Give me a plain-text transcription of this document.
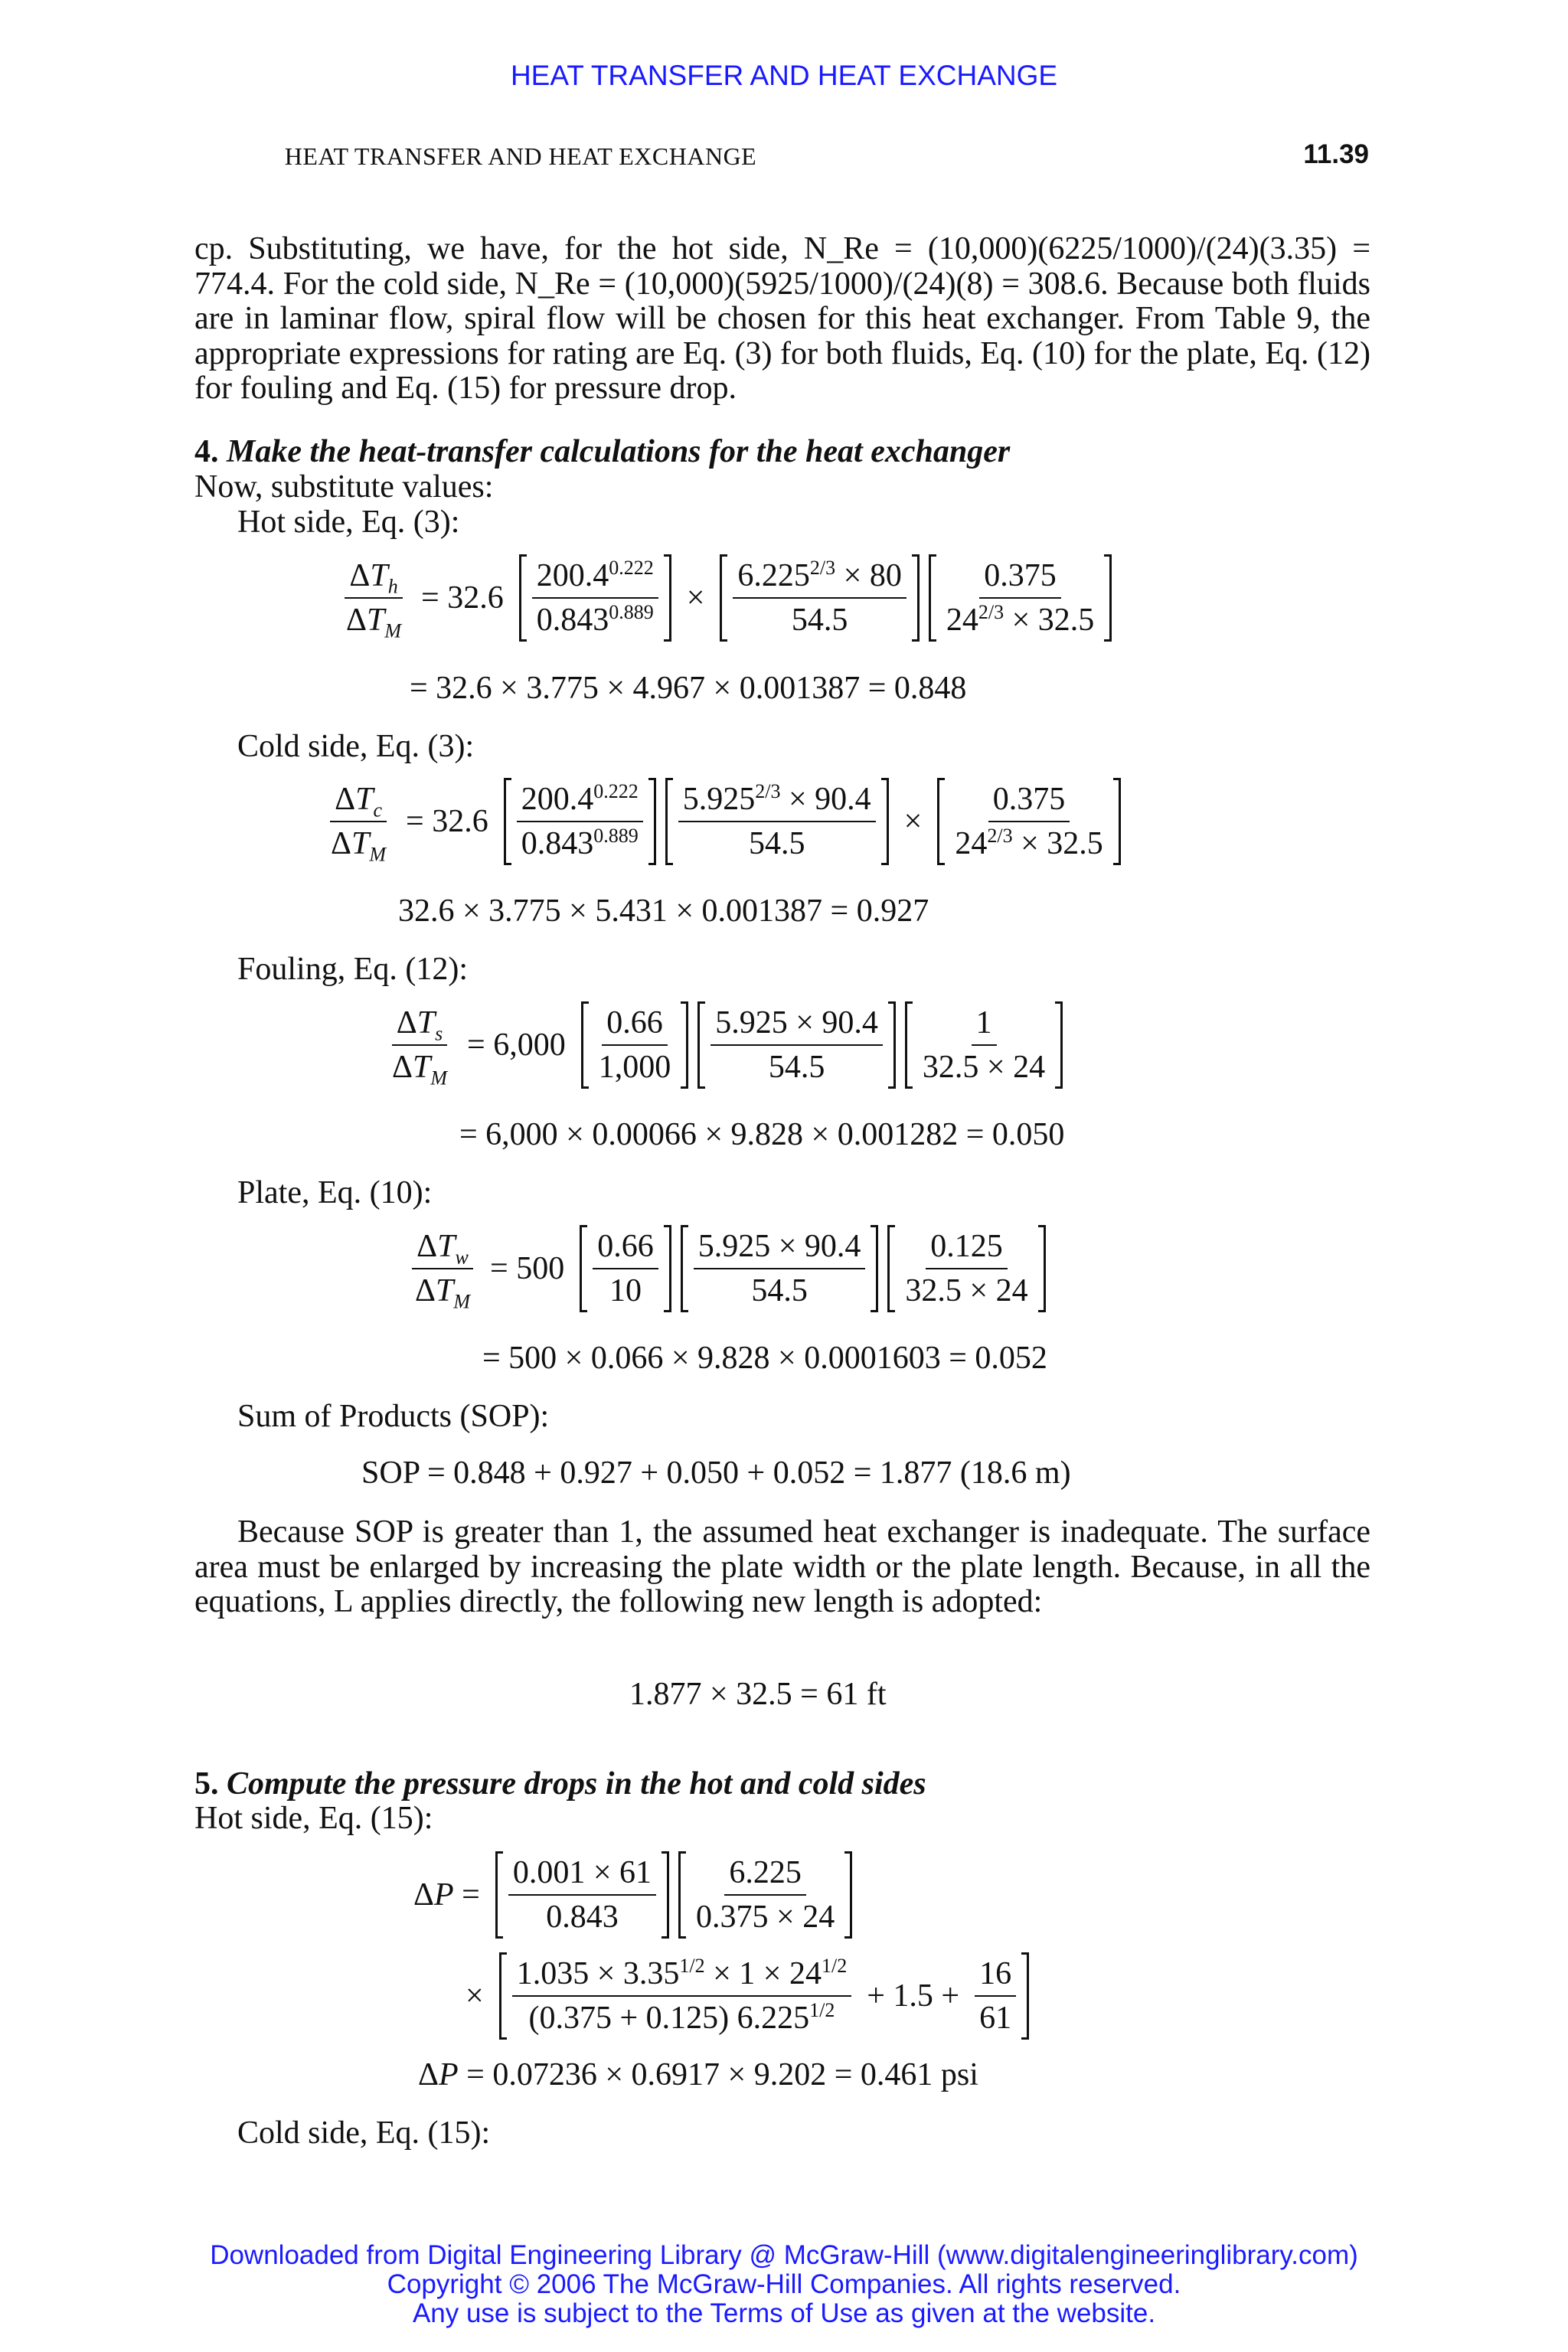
HEAT TRANSFER AND HEAT EXCHANGE
HEAT TRANSFER AND HEAT EXCHANGE	11.39

cp. Substituting, we have, for the hot side, N_Re = (10,000)(6225/1000)/(24)(3.35) = 774.4. For the cold side, N_Re = (10,000)(5925/1000)/(24)(8) = 308.6. Because both fluids are in laminar flow, spiral flow will be chosen for this heat exchanger. From Table 9, the appropriate expressions for rating are Eq. (3) for both fluids, Eq. (10) for the plate, Eq. (12) for fouling and Eq. (15) for pressure drop.

4. Make the heat-transfer calculations for the heat exchanger
Now, substitute values:
Hot side, Eq. (3):
$\frac{\Delta T_h}{\Delta T_M} = 32.6 \frac{200.4^{0.222}}{0.843^{0.889}} \times \frac{6.225^{2/3} \times 80}{54.5} \frac{0.375}{24^{2/3} \times 32.5}$
= 32.6 × 3.775 × 4.967 × 0.001387 = 0.848
Cold side, Eq. (3):
$\frac{\Delta T_c}{\Delta T_M} = 32.6 \frac{200.4^{0.222}}{0.843^{0.889}} \frac{5.925^{2/3} \times 90.4}{54.5} \times \frac{0.375}{24^{2/3} \times 32.5}$
32.6 × 3.775 × 5.431 × 0.001387 = 0.927
Fouling, Eq. (12):
$\frac{\Delta T_s}{\Delta T_M} = 6,000 \frac{0.66}{1,000} \frac{5.925 \times 90.4}{54.5} \frac{1}{32.5 \times 24}$
= 6,000 × 0.00066 × 9.828 × 0.001282 = 0.050
Plate, Eq. (10):
$\frac{\Delta T_w}{\Delta T_M} = 500 \frac{0.66}{10} \frac{5.925 \times 90.4}{54.5} \frac{0.125}{32.5 \times 24}$
= 500 × 0.066 × 9.828 × 0.0001603 = 0.052
Sum of Products (SOP):
SOP = 0.848 + 0.927 + 0.050 + 0.052 = 1.877 (18.6 m)
Because SOP is greater than 1, the assumed heat exchanger is inadequate. The surface area must be enlarged by increasing the plate width or the plate length. Because, in all the equations, L applies directly, the following new length is adopted:
1.877 × 32.5 = 61 ft
5. Compute the pressure drops in the hot and cold sides
Hot side, Eq. (15):
$\Delta P = \frac{0.001 \times 61}{0.843} \frac{6.225}{0.375 \times 24}$
× $\frac{1.035 \times 3.35^{1/2} \times 1 \times 24^{1/2}}{(0.375 + 0.125) 6.225^{1/2}} + 1.5 + \frac{16}{61}$
ΔP = 0.07236 × 0.6917 × 9.202 = 0.461 psi
Cold side, Eq. (15):
Downloaded from Digital Engineering Library @ McGraw-Hill (www.digitalengineeringlibrary.com)
Copyright © 2006 The McGraw-Hill Companies. All rights reserved.
Any use is subject to the Terms of Use as given at the website.
